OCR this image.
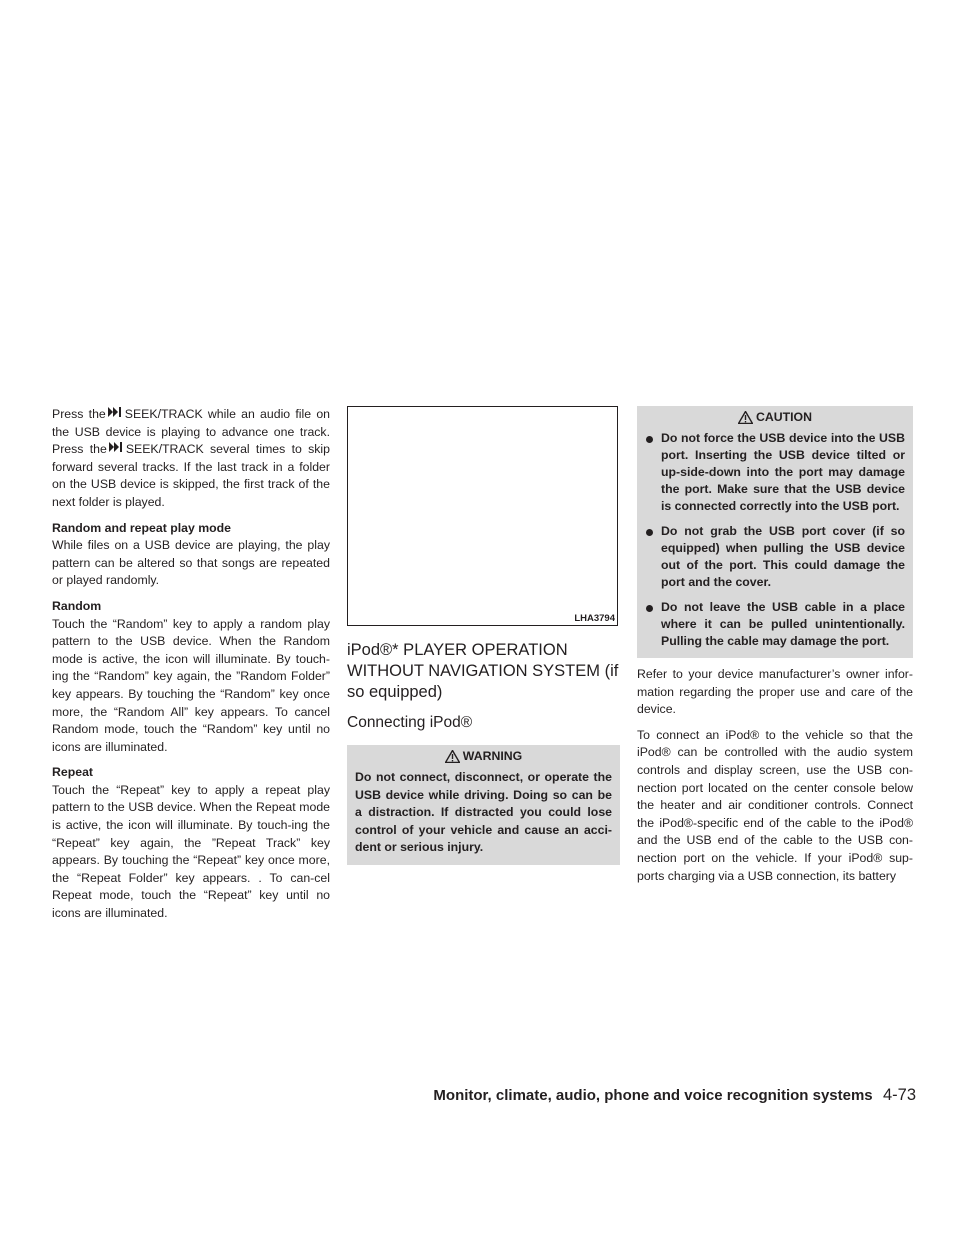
Press the SEEK/TRACK while an audio file on the USB device is playing to advance one track. Press the SEEK/TRACK several times to skip forward several tracks. If the last track in a folder on the USB device is skipped, the first track of the next folder is played.

Random and repeat play mode

While files on a USB device are playing, the play pattern can be altered so that songs are repeated or played randomly.

Random

Touch the “Random” key to apply a random play pattern to the USB device. When the Random mode is active, the icon will illuminate. By touch-ing the “Random” key again, the ”Random Folder” key appears. By touching the “Random” key once more, the “Random All” key appears. To cancel Random mode, touch the “Random” key until no icons are illuminated.

Repeat

Touch the “Repeat” key to apply a repeat play pattern to the USB device. When the Repeat mode is active, the icon will illuminate. By touch-ing the “Repeat” key again, the ”Repeat Track” key appears. By touching the “Repeat” key once more, the “Repeat Folder” key appears. . To can-cel Repeat mode, touch the “Repeat” key until no icons are illuminated.

LHA3794
iPod®* PLAYER OPERATION WITHOUT NAVIGATION SYSTEM (if so equipped)
Connecting iPod®
WARNING

Do not connect, disconnect, or operate the USB device while driving. Doing so can be a distraction. If distracted you could lose control of your vehicle and cause an acci-dent or serious injury.

CAUTION
Do not force the USB device into the USB port. Inserting the USB device tilted or up-side-down into the port may damage the port. Make sure that the USB device is connected correctly into the USB port.
Do not grab the USB port cover (if so equipped) when pulling the USB device out of the port. This could damage the port and the cover.
Do not leave the USB cable in a place where it can be pulled unintentionally. Pulling the cable may damage the port.

Refer to your device manufacturer’s owner infor-mation regarding the proper use and care of the device.

To connect an iPod® to the vehicle so that the iPod® can be controlled with the audio system controls and display screen, use the USB con-nection port located on the center console below the heater and air conditioner controls. Connect the iPod®-specific end of the cable to the iPod® and the USB end of the cable to the USB con-nection port on the vehicle. If your iPod® sup-ports charging via a USB connection, its battery

Monitor, climate, audio, phone and voice recognition systems 4-73
